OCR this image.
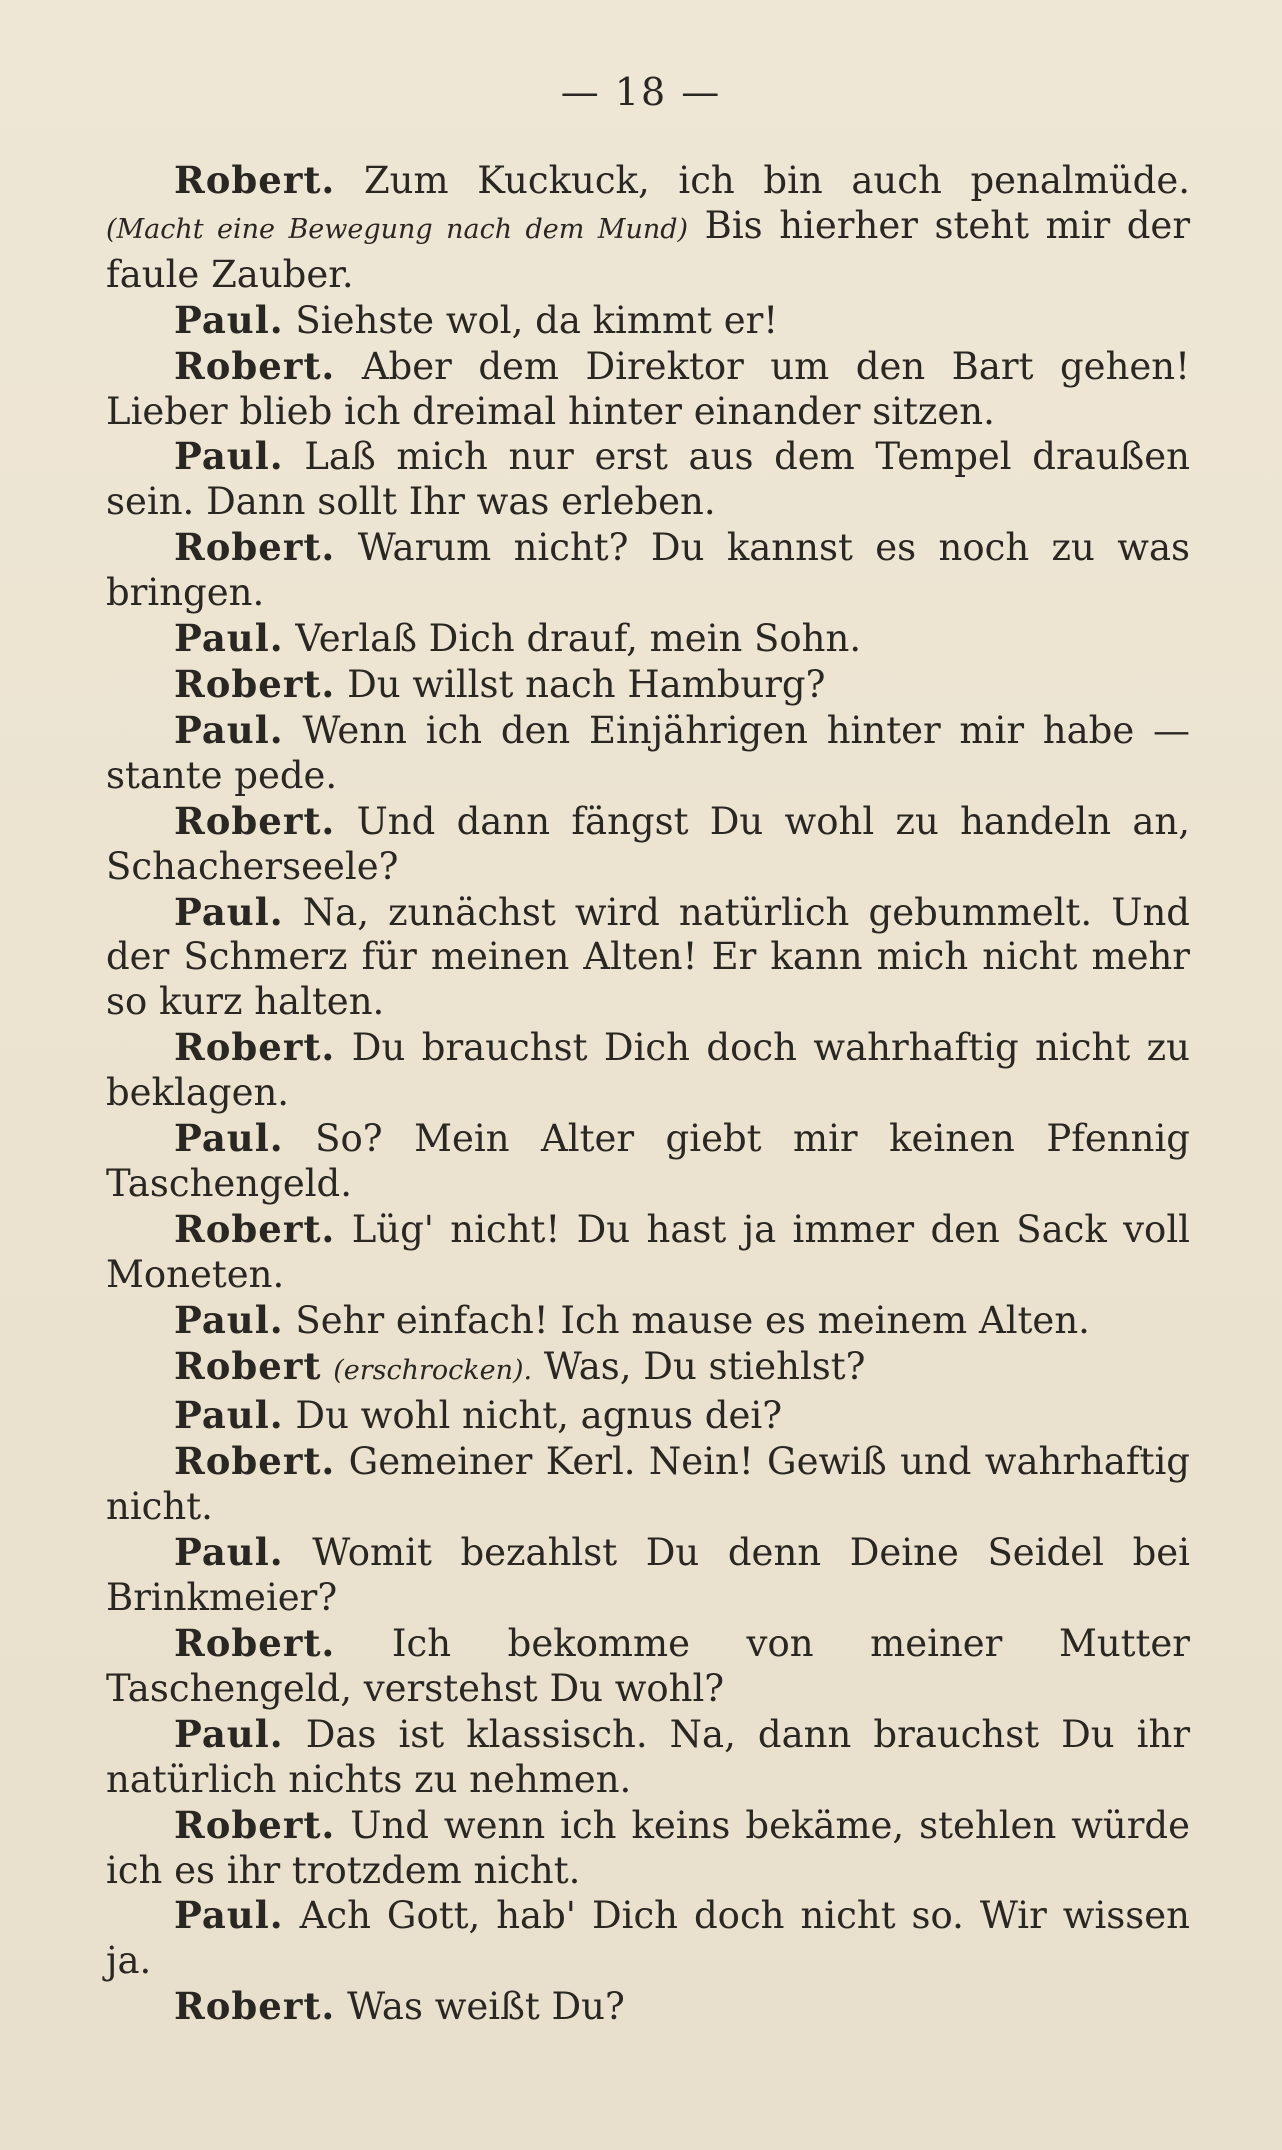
— 18 —

Robert. Zum Kuckuck, ich bin auch penalmüde. (Macht eine Bewegung nach dem Mund) Bis hierher steht mir der faule Zauber.

Paul. Siehste wol, da kimmt er!

Robert. Aber dem Direktor um den Bart gehen! Lieber blieb ich dreimal hinter einander sitzen.

Paul. Laß mich nur erst aus dem Tempel draußen sein. Dann sollt Ihr was erleben.

Robert. Warum nicht? Du kannst es noch zu was bringen.

Paul. Verlaß Dich drauf, mein Sohn.

Robert. Du willst nach Hamburg?

Paul. Wenn ich den Einjährigen hinter mir habe — stante pede.

Robert. Und dann fängst Du wohl zu handeln an, Schacherseele?

Paul. Na, zunächst wird natürlich gebummelt. Und der Schmerz für meinen Alten! Er kann mich nicht mehr so kurz halten.

Robert. Du brauchst Dich doch wahrhaftig nicht zu beklagen.

Paul. So? Mein Alter giebt mir keinen Pfennig Taschengeld.

Robert. Lüg' nicht! Du hast ja immer den Sack voll Moneten.

Paul. Sehr einfach! Ich mause es meinem Alten.

Robert (erschrocken). Was, Du stiehlst?

Paul. Du wohl nicht, agnus dei?

Robert. Gemeiner Kerl. Nein! Gewiß und wahrhaftig nicht.

Paul. Womit bezahlst Du denn Deine Seidel bei Brinkmeier?

Robert. Ich bekomme von meiner Mutter Taschengeld, verstehst Du wohl?

Paul. Das ist klassisch. Na, dann brauchst Du ihr natürlich nichts zu nehmen.

Robert. Und wenn ich keins bekäme, stehlen würde ich es ihr trotzdem nicht.

Paul. Ach Gott, hab' Dich doch nicht so. Wir wissen ja.

Robert. Was weißt Du?
